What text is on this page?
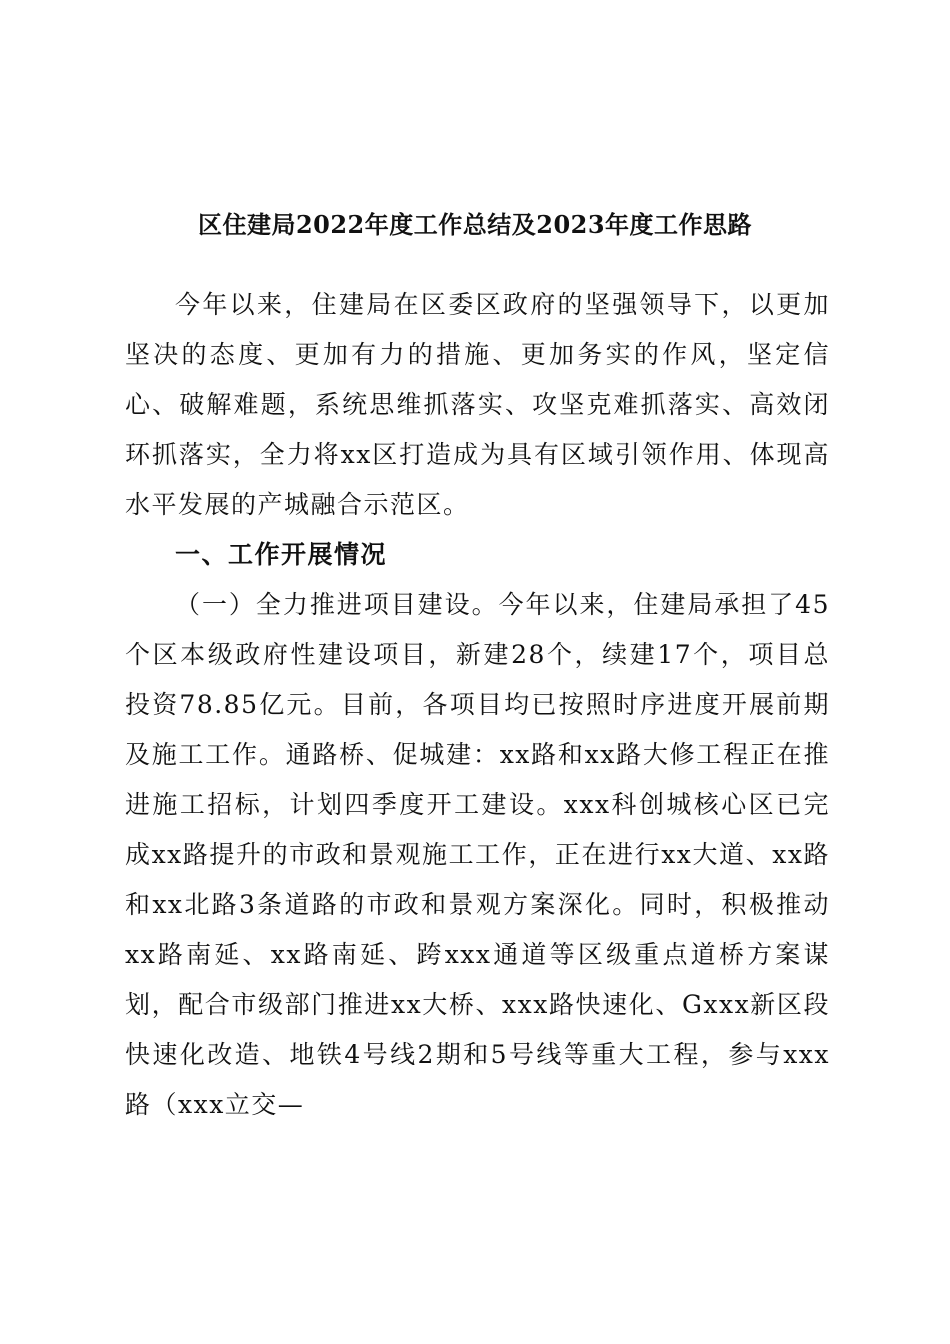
区住建局2022年度工作总结及2023年度工作思路

今年以来，住建局在区委区政府的坚强领导下，以更加坚决的态度、更加有力的措施、更加务实的作风，坚定信心、破解难题，系统思维抓落实、攻坚克难抓落实、高效闭环抓落实，全力将xx区打造成为具有区域引领作用、体现高水平发展的产城融合示范区。

一、工作开展情况

（一）全力推进项目建设。今年以来，住建局承担了45个区本级政府性建设项目，新建28个，续建17个，项目总投资78.85亿元。目前，各项目均已按照时序进度开展前期及施工工作。通路桥、促城建：xx路和xx路大修工程正在推进施工招标，计划四季度开工建设。xxx科创城核心区已完成xx路提升的市政和景观施工工作，正在进行xx大道、xx路和xx北路3条道路的市政和景观方案深化。同时，积极推动xx路南延、xx路南延、跨xxx通道等区级重点道桥方案谋划，配合市级部门推进xx大桥、xxx路快速化、Gxxx新区段快速化改造、地铁4号线2期和5号线等重大工程，参与xxx路（xxx立交—
